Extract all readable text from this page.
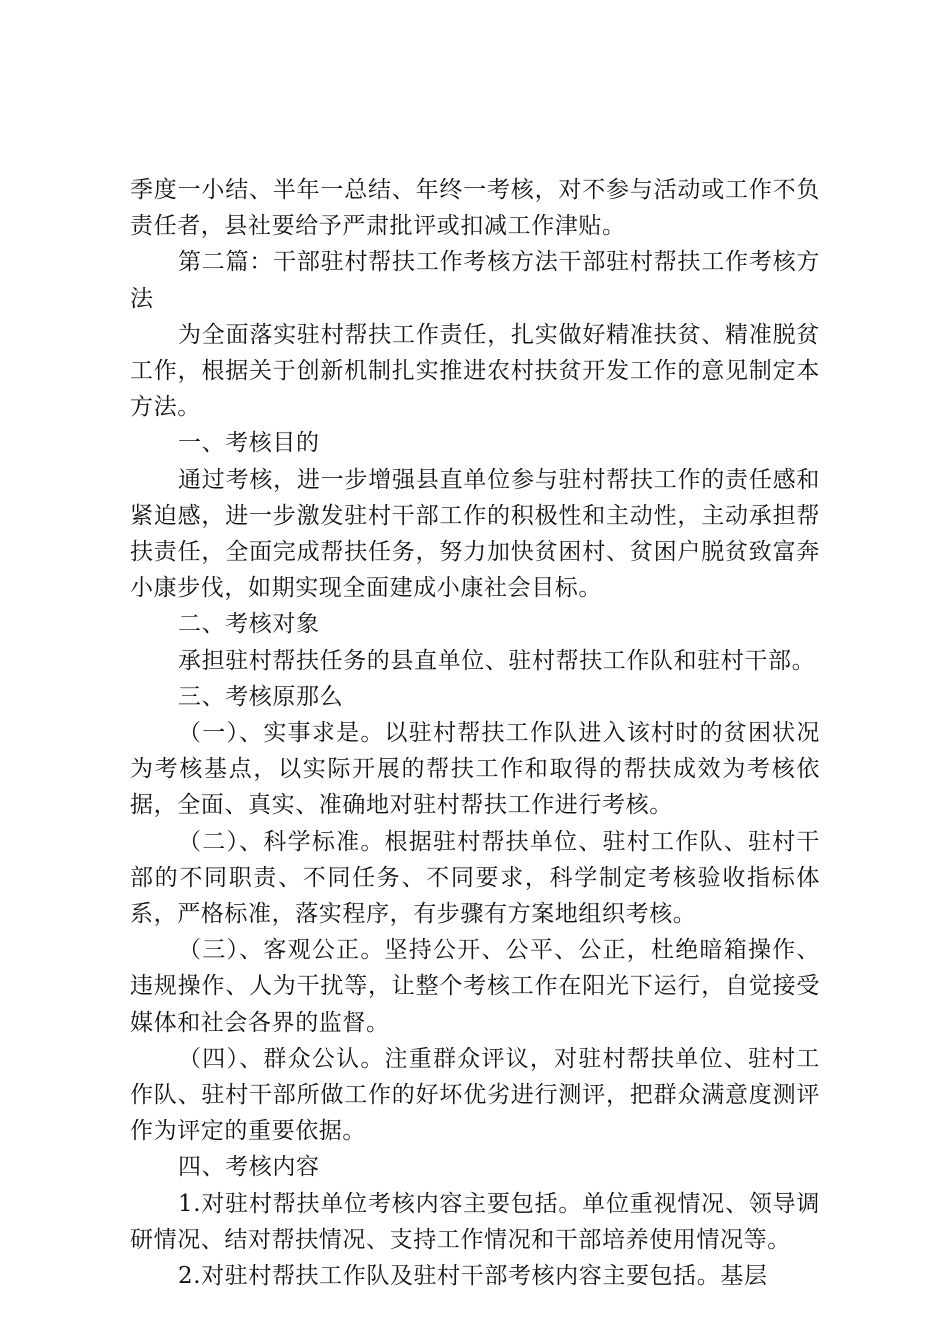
季度一小结、半年一总结、年终一考核，对不参与活动或工作不负责任者，县社要给予严肃批评或扣减工作津贴。

第二篇：干部驻村帮扶工作考核方法干部驻村帮扶工作考核方法

为全面落实驻村帮扶工作责任，扎实做好精准扶贫、精准脱贫工作，根据关于创新机制扎实推进农村扶贫开发工作的意见制定本方法。

一、考核目的

通过考核，进一步增强县直单位参与驻村帮扶工作的责任感和紧迫感，进一步激发驻村干部工作的积极性和主动性，主动承担帮扶责任，全面完成帮扶任务，努力加快贫困村、贫困户脱贫致富奔小康步伐，如期实现全面建成小康社会目标。

二、考核对象

承担驻村帮扶任务的县直单位、驻村帮扶工作队和驻村干部。

三、考核原那么

（一）、实事求是。以驻村帮扶工作队进入该村时的贫困状况为考核基点，以实际开展的帮扶工作和取得的帮扶成效为考核依据，全面、真实、准确地对驻村帮扶工作进行考核。

（二）、科学标准。根据驻村帮扶单位、驻村工作队、驻村干部的不同职责、不同任务、不同要求，科学制定考核验收指标体系，严格标准，落实程序，有步骤有方案地组织考核。

（三）、客观公正。坚持公开、公平、公正，杜绝暗箱操作、违规操作、人为干扰等，让整个考核工作在阳光下运行，自觉接受媒体和社会各界的监督。

（四）、群众公认。注重群众评议，对驻村帮扶单位、驻村工作队、驻村干部所做工作的好坏优劣进行测评，把群众满意度测评作为评定的重要依据。

四、考核内容

1.对驻村帮扶单位考核内容主要包括。单位重视情况、领导调研情况、结对帮扶情况、支持工作情况和干部培养使用情况等。

2.对驻村帮扶工作队及驻村干部考核内容主要包括。基层
